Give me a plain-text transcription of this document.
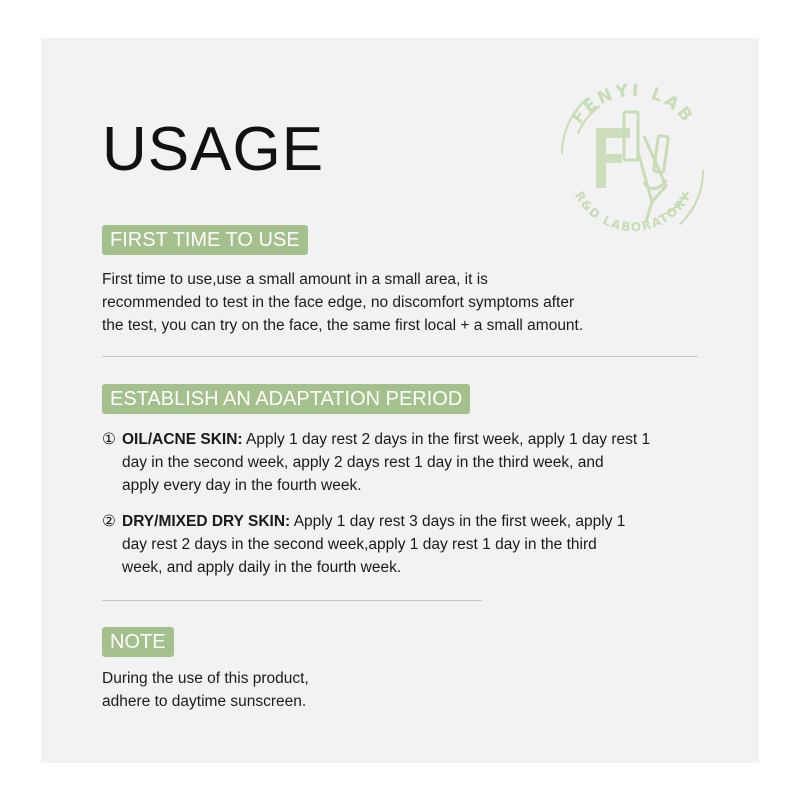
USAGE	FENYI LAB
R&D LABORATORY
FIRST TIME TO USE

First time to use,use a small amount in a small area, it is
recommended to test in the face edge, no discomfort symptoms after
the test, you can try on the face, the same first local + a small amount.

ESTABLISH AN ADAPTATION PERIOD
① OIL/ACNE SKIN: Apply 1 day rest 2 days in the first week, apply 1 day rest 1
day in the second week, apply 2 days rest 1 day in the third week, and
apply every day in the fourth week.
② DRY/MIXED DRY SKIN: Apply 1 day rest 3 days in the first week, apply 1
day rest 2 days in the second week,apply 1 day rest 1 day in the third
week, and apply daily in the fourth week.
NOTE

During the use of this product,
adhere to daytime sunscreen.
